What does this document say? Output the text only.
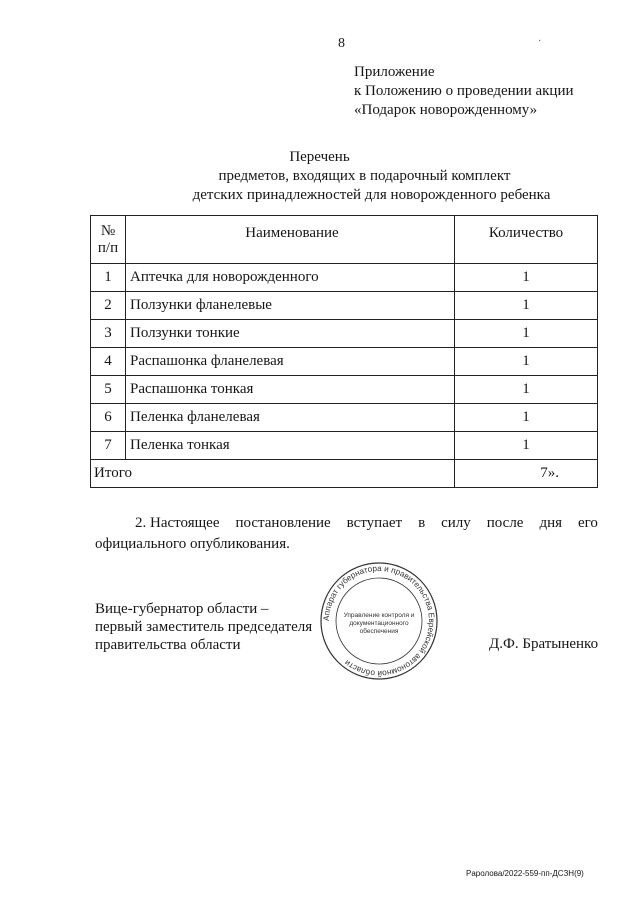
8	·
Приложение
к Положению о проведении акции
«Подарок новорожденному»
Перечень
предметов, входящих в подарочный комплект
детских принадлежностей для новорожденного ребенка
№
п/п	Наименование	Количество
1	Аптечка для новорожденного	1
2	Ползунки фланелевые	1
3	Ползунки тонкие	1
4	Распашонка фланелевая	1
5	Распашонка тонкая	1
6	Пеленка фланелевая	1
7	Пеленка тонкая	1
Итого		7».
2. Настоящее постановление вступает в силу после дня его
официального опубликования.
Вице-губернатор области –
первый заместитель председателя
правительства области
Аппарат губернатора и правительства Еврейской автономной области
Управление контроля и
документационного
обеспечения
Д.Ф. Братыненко
Рapолова/2022-559-пп-ДСЗН(9)
